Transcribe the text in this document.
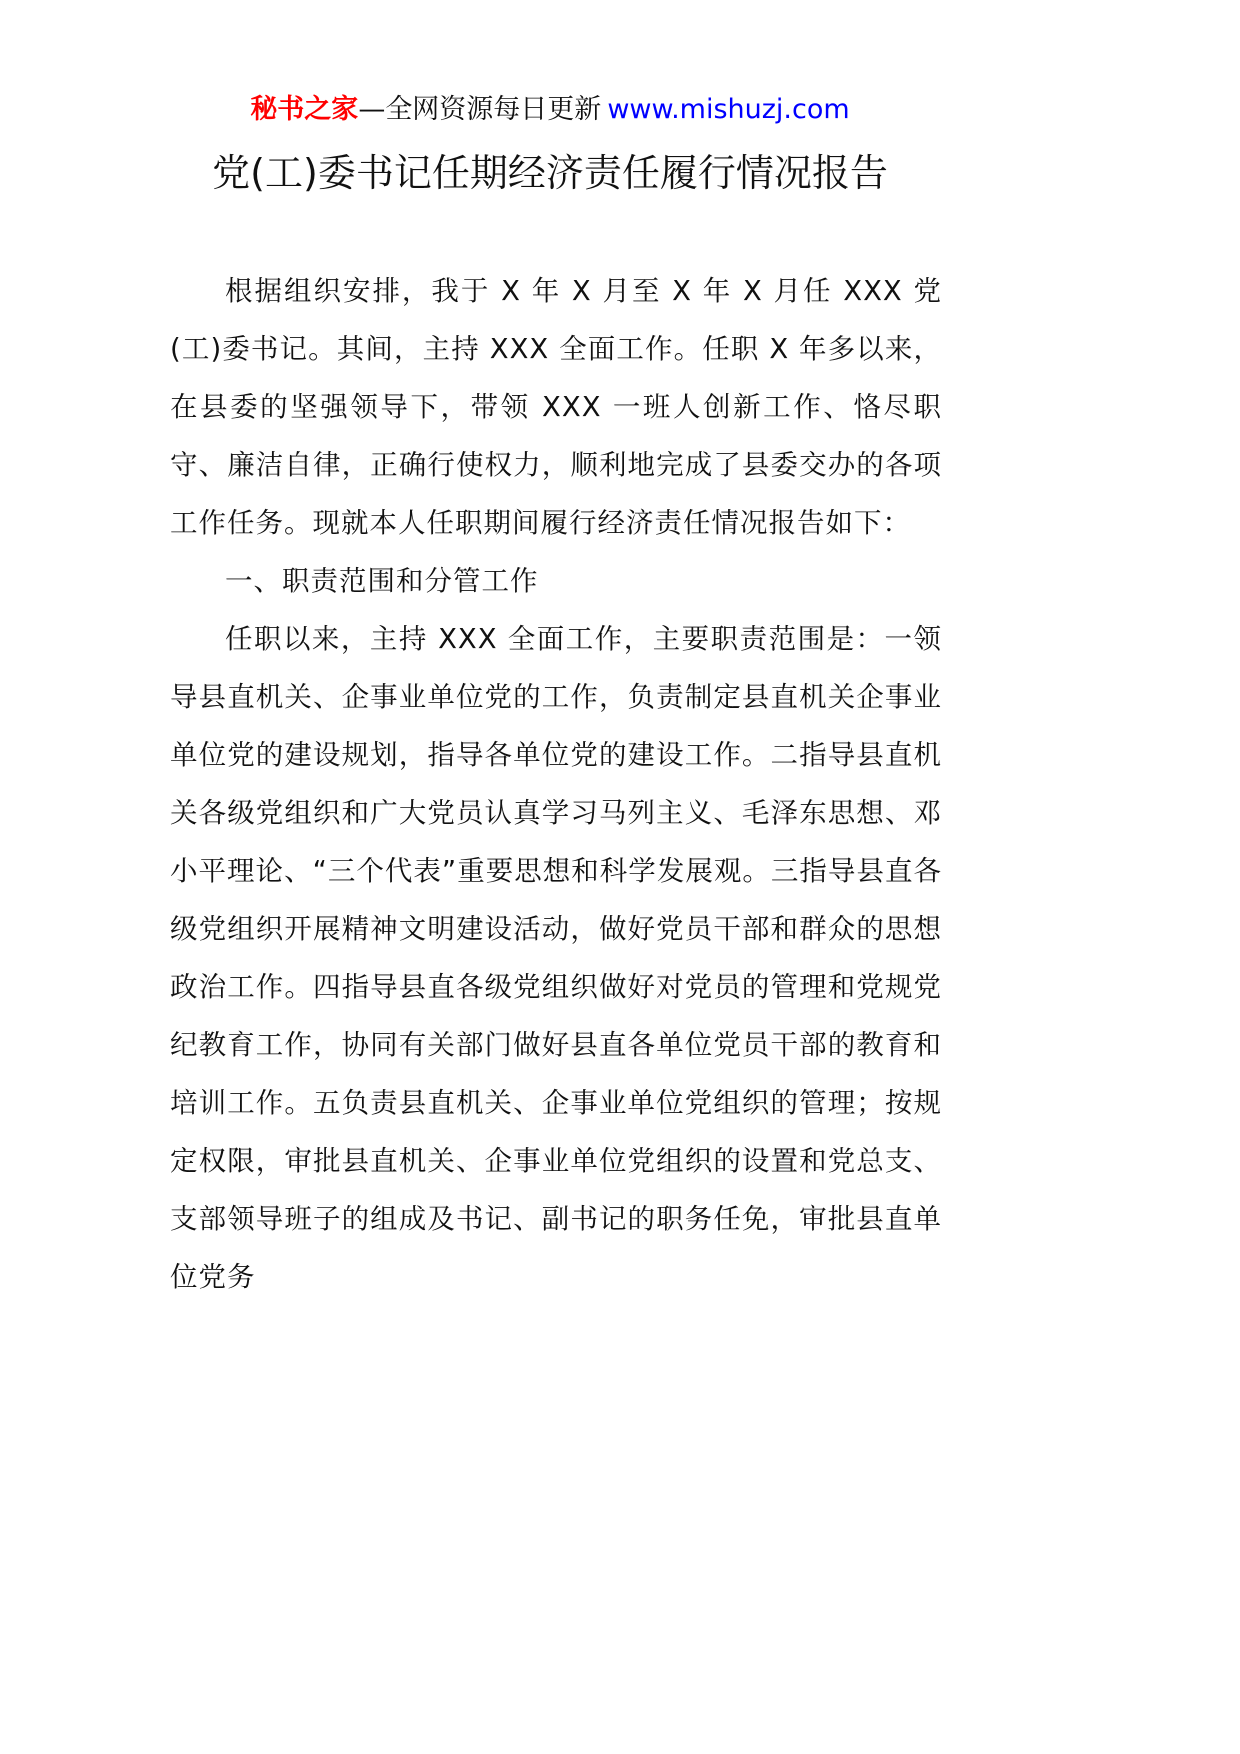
秘书之家—全网资源每日更新 www.mishuzj.com
党(工)委书记任期经济责任履行情况报告

根据组织安排，我于 X 年 X 月至 X 年 X 月任 XXX 党(工)委书记。其间，主持 XXX 全面工作。任职 X 年多以来，在县委的坚强领导下，带领 XXX 一班人创新工作、恪尽职守、廉洁自律，正确行使权力，顺利地完成了县委交办的各项工作任务。现就本人任职期间履行经济责任情况报告如下：

一、职责范围和分管工作

任职以来，主持 XXX 全面工作，主要职责范围是：一领导县直机关、企事业单位党的工作，负责制定县直机关企事业单位党的建设规划，指导各单位党的建设工作。二指导县直机关各级党组织和广大党员认真学习马列主义、毛泽东思想、邓小平理论、“三个代表”重要思想和科学发展观。三指导县直各级党组织开展精神文明建设活动，做好党员干部和群众的思想政治工作。四指导县直各级党组织做好对党员的管理和党规党纪教育工作，协同有关部门做好县直各单位党员干部的教育和培训工作。五负责县直机关、企事业单位党组织的管理；按规定权限，审批县直机关、企事业单位党组织的设置和党总支、支部领导班子的组成及书记、副书记的职务任免，审批县直单位党务
